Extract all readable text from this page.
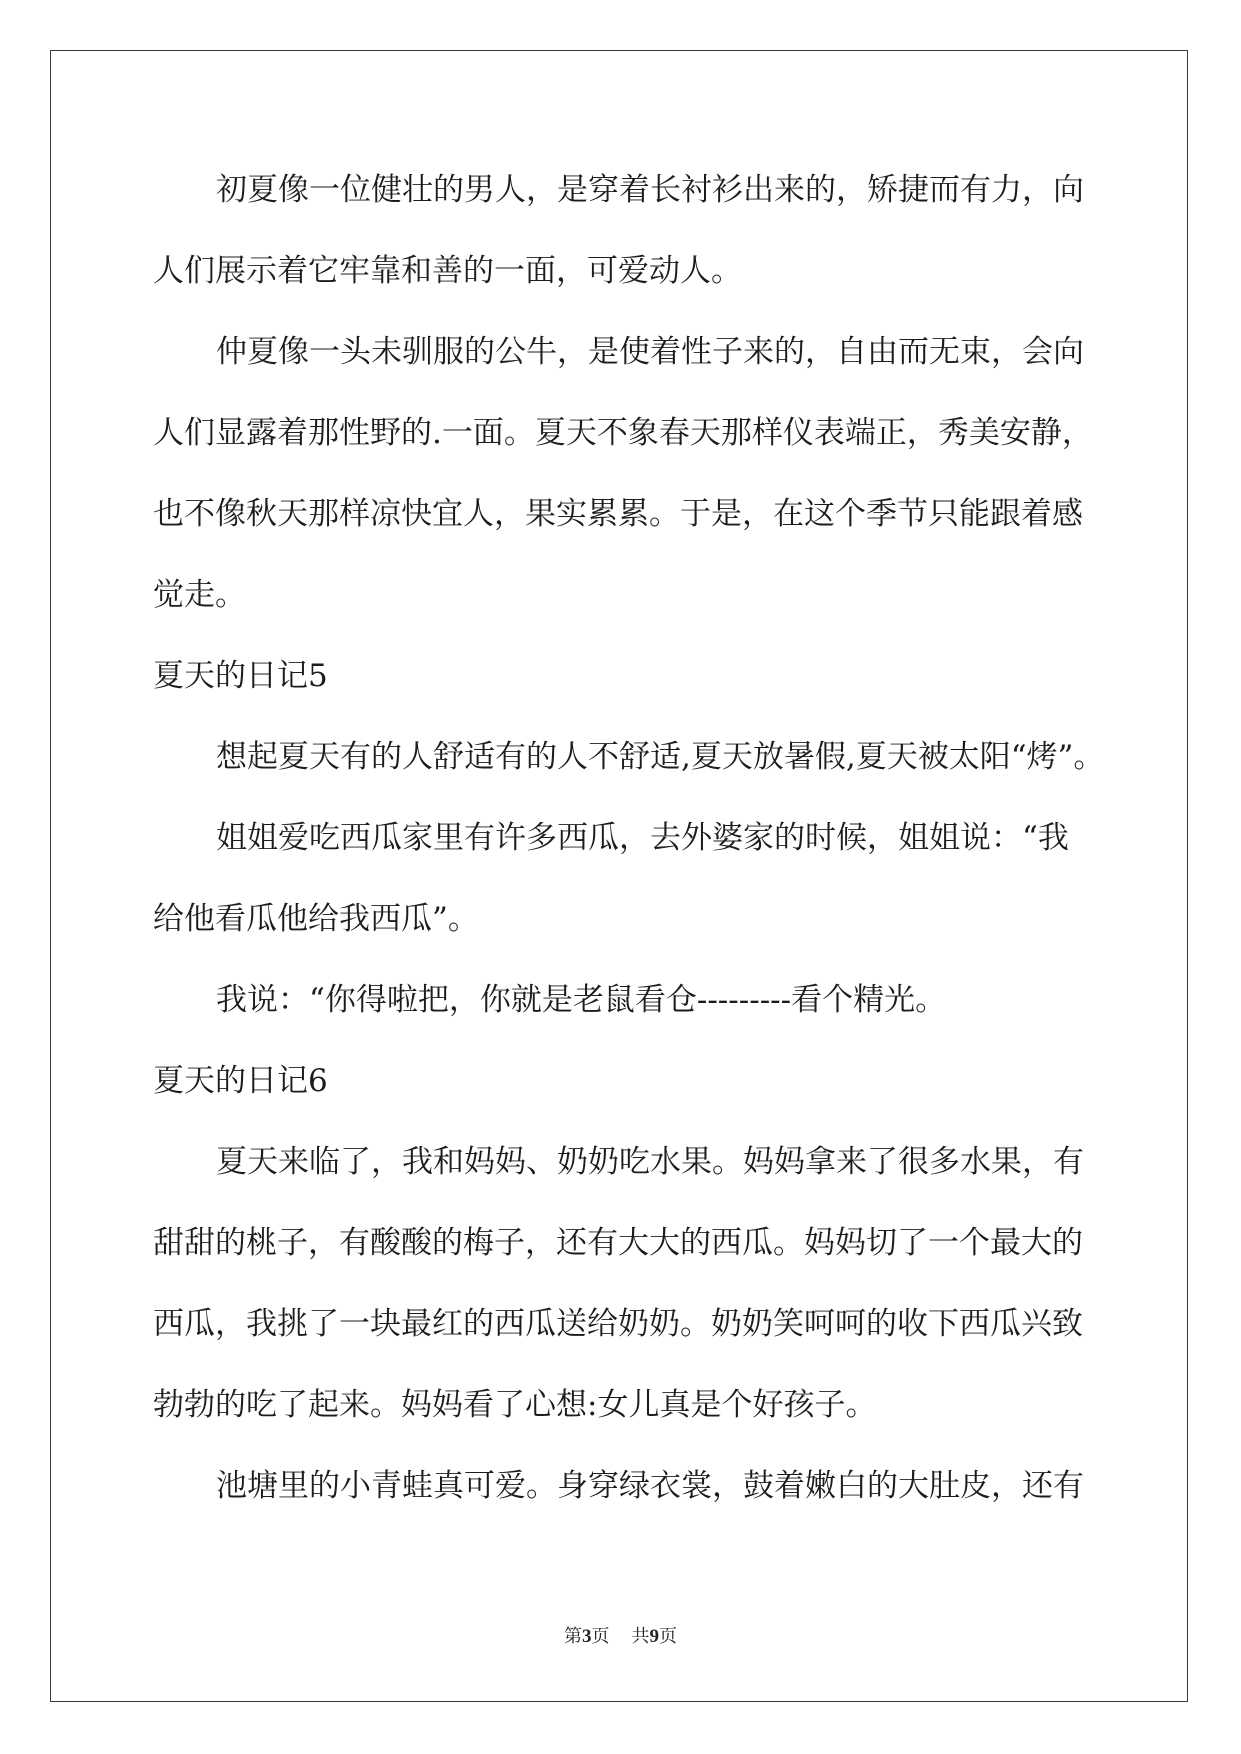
初夏像一位健壮的男人，是穿着长衬衫出来的，矫捷而有力，向
人们展示着它牢靠和善的一面，可爱动人。
仲夏像一头未驯服的公牛，是使着性子来的，自由而无束，会向
人们显露着那性野的.一面。夏天不象春天那样仪表端正，秀美安静，
也不像秋天那样凉快宜人，果实累累。于是，在这个季节只能跟着感
觉走。
夏天的日记5
想起夏天有的人舒适有的人不舒适,夏天放暑假,夏天被太阳“烤”。
姐姐爱吃西瓜家里有许多西瓜，去外婆家的时候，姐姐说：“我
给他看瓜他给我西瓜”。
我说：“你得啦把，你就是老鼠看仓---------看个精光。
夏天的日记6
夏天来临了，我和妈妈、奶奶吃水果。妈妈拿来了很多水果，有
甜甜的桃子，有酸酸的梅子，还有大大的西瓜。妈妈切了一个最大的
西瓜，我挑了一块最红的西瓜送给奶奶。奶奶笑呵呵的收下西瓜兴致
勃勃的吃了起来。妈妈看了心想:女儿真是个好孩子。
池塘里的小青蛙真可爱。身穿绿衣裳，鼓着嫩白的大肚皮，还有
第3页 共9页
